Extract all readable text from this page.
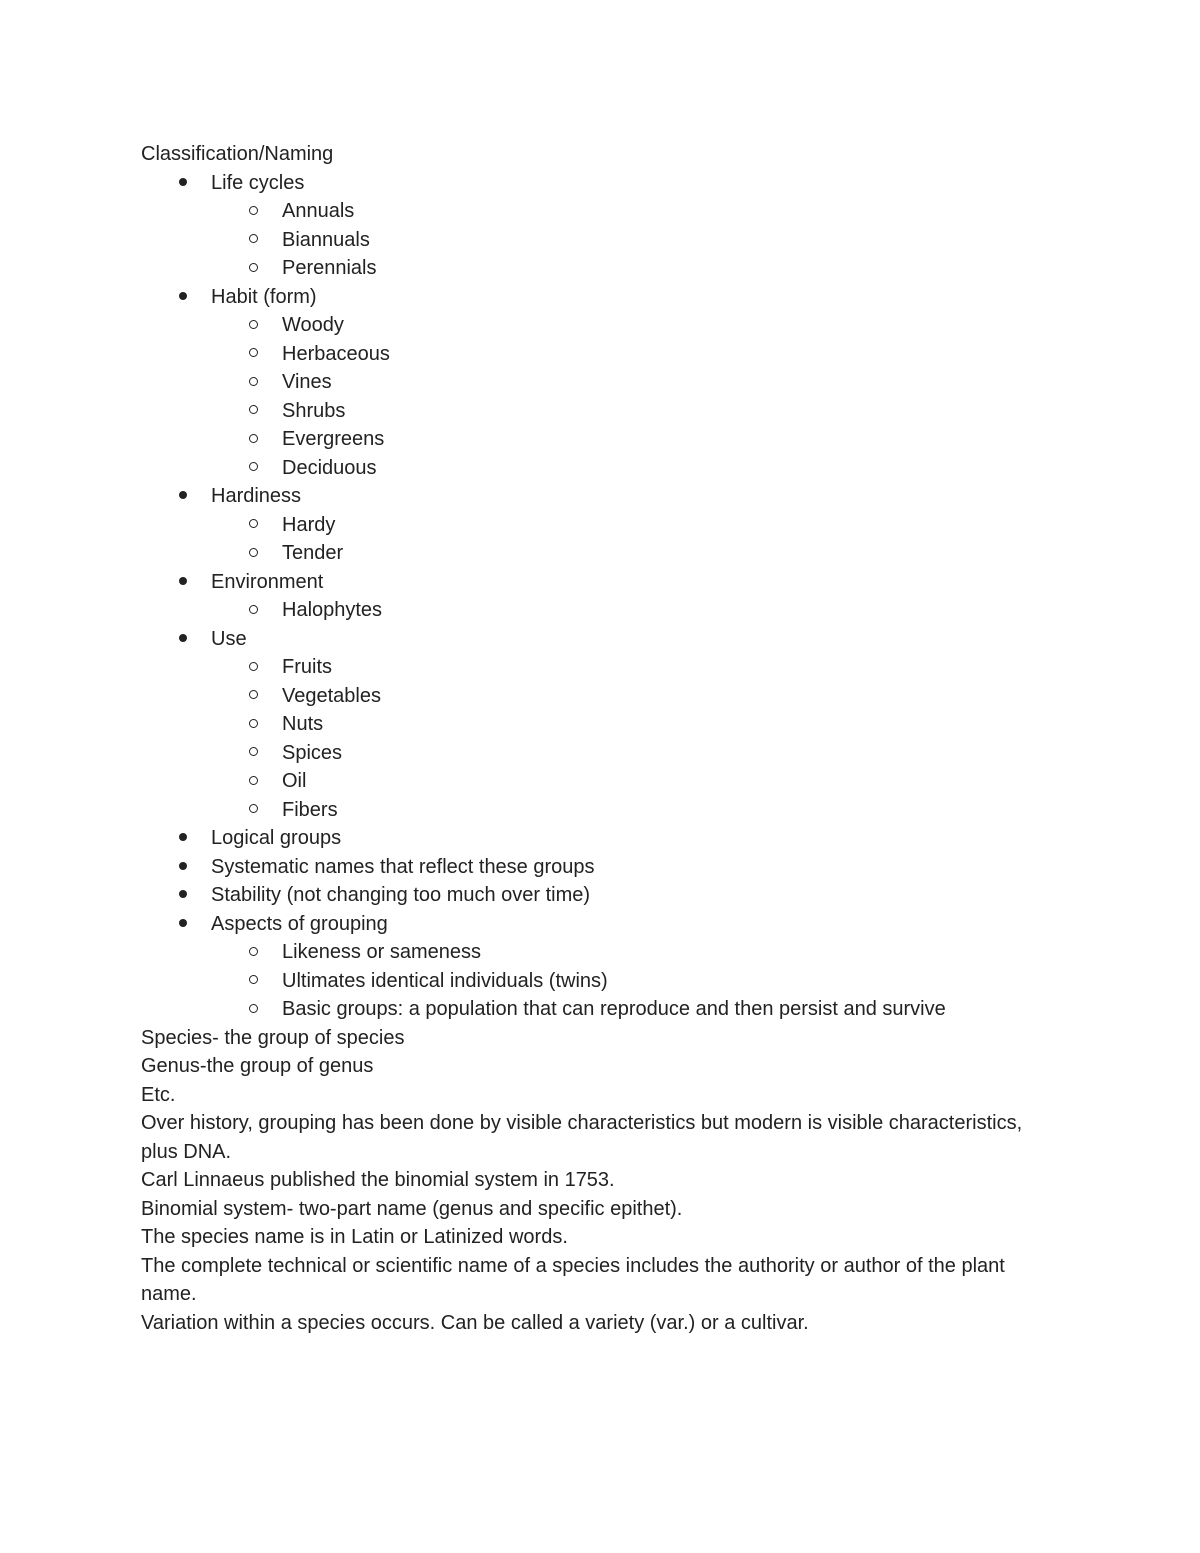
Classification/Naming
Life cycles
Annuals
Biannuals
Perennials
Habit (form)
Woody
Herbaceous
Vines
Shrubs
Evergreens
Deciduous
Hardiness
Hardy
Tender
Environment
Halophytes
Use
Fruits
Vegetables
Nuts
Spices
Oil
Fibers
Logical groups
Systematic names that reflect these groups
Stability (not changing too much over time)
Aspects of grouping
Likeness or sameness
Ultimates identical individuals (twins)
Basic groups: a population that can reproduce and then persist and survive
Species- the group of species
Genus-the group of genus
Etc.
Over history, grouping has been done by visible characteristics but modern is visible characteristics, plus DNA.
Carl Linnaeus published the binomial system in 1753.
Binomial system- two-part name (genus and specific epithet).
The species name is in Latin or Latinized words.
The complete technical or scientific name of a species includes the authority or author of the plant name.
Variation within a species occurs. Can be called a variety (var.) or a cultivar.
